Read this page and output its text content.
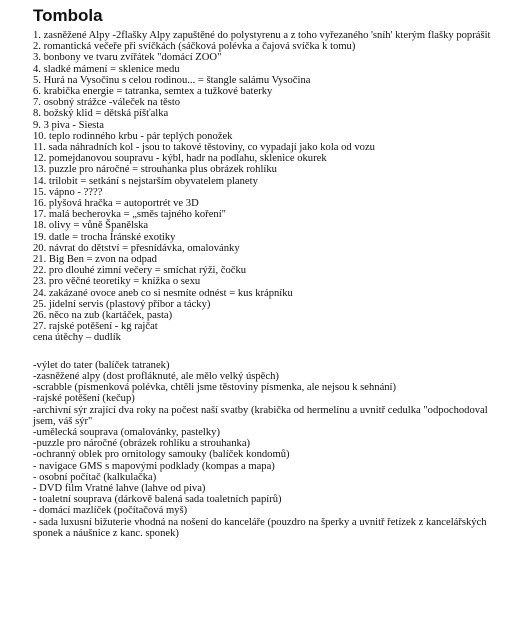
Tombola
1. zasněžené Alpy -2flašky Alpy zapuštěné do polystyrenu a z toho vyřezaného 'sníh' kterým flašky poprášit
2. romantická večeře při svíčkách (sáčková polévka a čajová svíčka k tomu)
3. bonbony ve tvaru zvířátek "domácí ZOO"
4. sladké mámení = sklenice medu
5. Hurá na Vysočinu s celou rodinou... = štangle salámu Vysočina
6. krabička energie = tatranka, semtex a tužkové baterky
7. osobný strážce -váleček na těsto
8. božský klid = dětská píšťalka
9. 3 piva - Siesta
10. teplo rodinného krbu - pár teplých ponožek
11. sada náhradních kol - jsou to takové těstoviny, co vypadají jako kola od vozu
12. pomejdanovou soupravu - kýbl, hadr na podlahu, sklenice okurek
13. puzzle pro náročné = strouhanka plus obrázek rohlíku
14. trilobit = setkání s nejstarším obyvatelem planety
15. vápno - ????
16. plyšová hračka = autoportrét ve 3D
17. malá becherovka = „směs tajného koření"
18. olivy = vůně Španělska
19. datle = trocha Íránské exotiky
20. návrat do dětství = přesnídávka, omalovánky
21. Big Ben = zvon na odpad
22. pro dlouhé zimní večery = smíchat rýži, čočku
23. pro věčné teoretiky = knížka o sexu
24. zakázané ovoce aneb co si nesmíte odnést = kus krápníku
25. jídelní servis (plastový příbor a tácky)
26. něco na zub (kartáček, pasta)
27. rajské potěšení - kg rajčat
cena útěchy – dudlík
-výlet do tater (balíček tatranek)
-zasněžené alpy (dost profláknuté, ale mělo velký úspěch)
-scrabble (písmenková polévka, chtěli jsme těstoviny písmenka, ale nejsou k sehnání)
-rajské potěšení (kečup)
-archivní sýr zrající dva roky na počest naší svatby (krabička od hermelínu a uvnitř cedulka "odpochodoval jsem, váš sýr"
-umělecká souprava (omalovánky, pastelky)
-puzzle pro náročné (obrázek rohlíku a strouhanka)
-ochranný oblek pro ornitology samouky (balíček kondomů)
- navigace GMS s mapovými podklady (kompas a mapa)
- osobní počítač (kalkulačka)
- DVD film Vratné lahve (lahve od piva)
- toaletní souprava (dárkově balená sada toaletních papírů)
- domácí mazlíček (počítačová myš)
- sada luxusní bižuterie vhodná na nošení do kanceláře (pouzdro na šperky a uvnitř řetízek z kancelářských sponek a náušnice z kanc. sponek)
